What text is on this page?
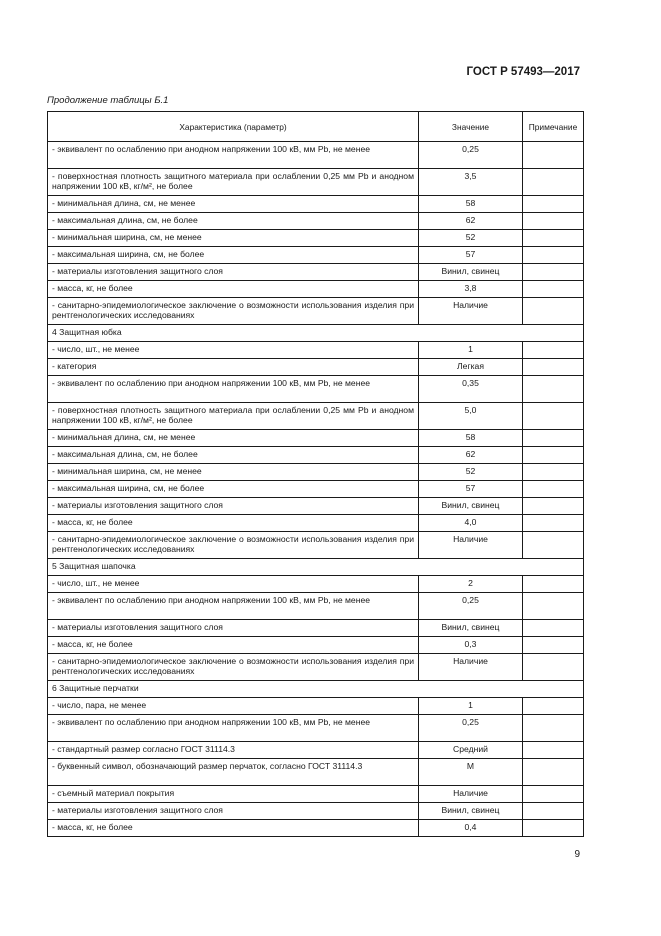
ГОСТ Р 57493—2017
Продолжение таблицы Б.1
Характеристика (параметр)	Значение	Примечание
- эквивалент по ослаблению при анодном напряжении 100 кВ, мм Pb, не менее	0,25	
- поверхностная плотность защитного материала при ослаблении 0,25 мм Pb и анодном напряжении 100 кВ, кг/м², не более	3,5	
- минимальная длина, см, не менее	58	
- максимальная длина, см, не более	62	
- минимальная ширина, см, не менее	52	
- максимальная ширина, см, не более	57	
- материалы изготовления защитного слоя	Винил, свинец	
- масса, кг, не более	3,8	
- санитарно-эпидемиологическое заключение о возможности использования изделия при рентгенологических исследованиях	Наличие	
4 Защитная юбка		
- число, шт., не менее	1	
- категория	Легкая	
- эквивалент по ослаблению при анодном напряжении 100 кВ, мм Pb, не менее	0,35	
- поверхностная плотность защитного материала при ослаблении 0,25 мм Pb и анодном напряжении 100 кВ, кг/м², не более	5,0	
- минимальная длина, см, не менее	58	
- максимальная длина, см, не более	62	
- минимальная ширина, см, не менее	52	
- максимальная ширина, см, не более	57	
- материалы изготовления защитного слоя	Винил, свинец	
- масса, кг, не более	4,0	
- санитарно-эпидемиологическое заключение о возможности использования изделия при рентгенологических исследованиях	Наличие	
5 Защитная шапочка		
- число, шт., не менее	2	
- эквивалент по ослаблению при анодном напряжении 100 кВ, мм Pb, не менее	0,25	
- материалы изготовления защитного слоя	Винил, свинец	
- масса, кг, не более	0,3	
- санитарно-эпидемиологическое заключение о возможности использования изделия при рентгенологических исследованиях	Наличие	
6 Защитные перчатки		
- число, пара, не менее	1	
- эквивалент по ослаблению при анодном напряжении 100 кВ, мм Pb, не менее	0,25	
- стандартный размер согласно ГОСТ 31114.3	Средний	
- буквенный символ, обозначающий размер перчаток, согласно ГОСТ 31114.3	М	
- съемный материал покрытия	Наличие	
- материалы изготовления защитного слоя	Винил, свинец	
- масса, кг, не более	0,4	
9
